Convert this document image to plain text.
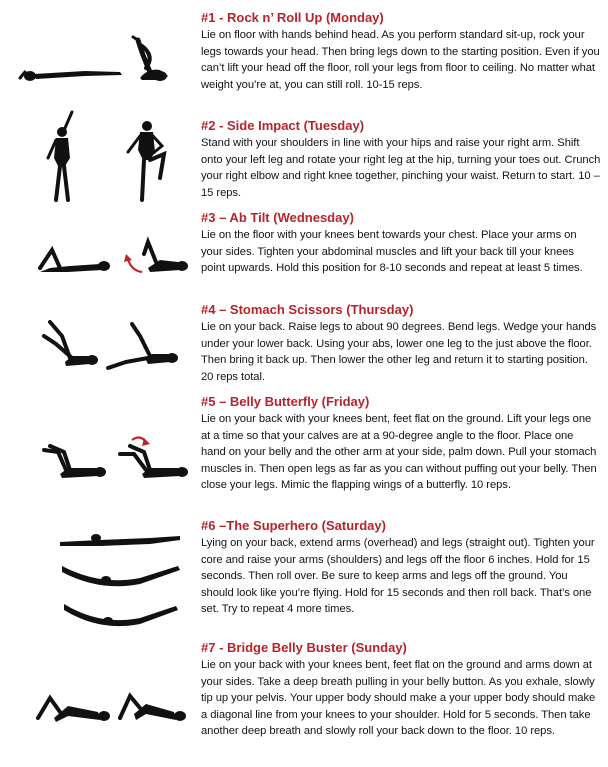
#1 - Rock n’ Roll Up (Monday)

Lie on floor with hands behind head. As you perform standard sit-up, rock your legs towards your head. Then bring legs down to the starting position. Even if you can’t lift your head off the floor, roll your legs from floor to ceiling. No matter what weight you’re at, you can still roll. 10-15 reps.

#2 - Side Impact (Tuesday)

Stand with your shoulders in line with your hips and raise your right arm. Shift onto your left leg and rotate your right leg at the hip, turning your toes out. Crunch your right elbow and right knee together, pinching your waist. Return to start. 10 – 15 reps.

#3 – Ab Tilt (Wednesday)

Lie on the floor with your knees bent towards your chest. Place your arms on your sides. Tighten your abdominal muscles and lift your back till your knees point upwards. Hold this position for 8-10 seconds and repeat at least 5 times.

#4 – Stomach Scissors (Thursday)

Lie on your back. Raise legs to about 90 degrees. Bend legs. Wedge your hands under your lower back. Using your abs, lower one leg to the just above the floor. Then bring it back up. Then lower the other leg and return it to starting position. 20 reps total.

#5 – Belly Butterfly (Friday)

Lie on your back with your knees bent, feet flat on the ground. Lift your legs one at a time so that your calves are at a 90-degree angle to the floor. Place one hand on your belly and the other arm at your side, palm down. Pull your stomach muscles in. Then open legs as far as you can without puffing out your belly. Then close your legs. Mimic the flapping wings of a butterfly. 10 reps.

#6 –The Superhero (Saturday)

Lying on your back, extend arms (overhead) and legs (straight out). Tighten your core and raise your arms (shoulders) and legs off the floor 6 inches. Hold for 15 seconds. Then roll over. Be sure to keep arms and legs off the ground. You should look like you’re flying. Hold for 15 seconds and then roll back. That’s one set. Try to repeat 4 more times.

#7 - Bridge Belly Buster (Sunday)

Lie on your back with your knees bent, feet flat on the ground and arms down at your sides. Take a deep breath pulling in your belly button. As you exhale, slowly tip up your pelvis. Your upper body should make a your upper body should make a diagonal line from your knees to your shoulder. Hold for 5 seconds. Then take another deep breath and slowly roll your back down to the floor. 10 reps.
